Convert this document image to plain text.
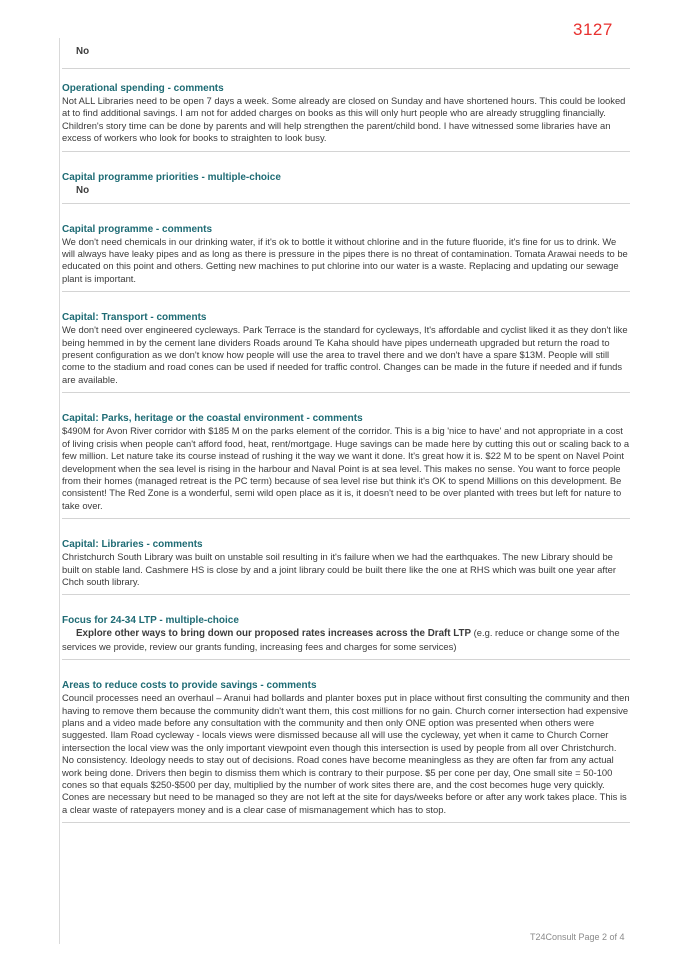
3127

No

Operational spending - comments

Not ALL Libraries need to be open 7 days a week. Some already are closed on Sunday and have shortened hours. This could be looked at to find additional savings. I am not for added charges on books as this will only hurt people who are already struggling financially. Children's story time can be done by parents and will help strengthen the parent/child bond. I have witnessed some libraries have an excess of workers who look for books to straighten to look busy.

Capital programme priorities - multiple-choice

No

Capital programme - comments

We don't need chemicals in our drinking water, if it's ok to bottle it without chlorine and in the future fluoride, it's fine for us to drink. We will always have leaky pipes and as long as there is pressure in the pipes there is no threat of contamination. Tomata Arawai needs to be educated on this point and others. Getting new machines to put chlorine into our water is a waste. Replacing and updating our sewage plant is important.

Capital: Transport - comments

We don't need over engineered cycleways. Park Terrace is the standard for cycleways, It's affordable and cyclist liked it as they don't like being hemmed in by the cement lane dividers Roads around Te Kaha should have pipes underneath upgraded but return the road to present configuration as we don't know how people will use the area to travel there and we don't have a spare $13M. People will still come to the stadium and road cones can be used if needed for traffic control. Changes can be made in the future if needed and if funds are available.

Capital: Parks, heritage or the coastal environment - comments

$490M for Avon River corridor with $185 M on the parks element of the corridor. This is a big 'nice to have' and not appropriate in a cost of living crisis when people can't afford food, heat, rent/mortgage. Huge savings can be made here by cutting this out or scaling back to a few million. Let nature take its course instead of rushing it the way we want it done. It's great how it is. $22 M to be spent on Navel Point development when the sea level is rising in the harbour and Naval Point is at sea level. This makes no sense. You want to force people from their homes (managed retreat is the PC term) because of sea level rise but think it's OK to spend Millions on this development. Be consistent! The Red Zone is a wonderful, semi wild open place as it is, it doesn't need to be over planted with trees but left for nature to take over.

Capital: Libraries - comments

Christchurch South Library was built on unstable soil resulting in it's failure when we had the earthquakes. The new Library should be built on stable land. Cashmere HS is close by and a joint library could be built there like the one at RHS which was built one year after Chch south library.

Focus for 24-34 LTP - multiple-choice

Explore other ways to bring down our proposed rates increases across the Draft LTP (e.g. reduce or change some of the services we provide, review our grants funding, increasing fees and charges for some services)

Areas to reduce costs to provide savings - comments

Council processes need an overhaul – Aranui had bollards and planter boxes put in place without first consulting the community and then having to remove them because the community didn't want them, this cost millions for no gain. Church corner intersection had expensive plans and a video made before any consultation with the community and then only ONE option was presented when others were suggested. Ilam Road cycleway - locals views were dismissed because all will use the cycleway, yet when it came to Church Corner intersection the local view was the only important viewpoint even though this intersection is used by people from all over Christchurch. No consistency. Ideology needs to stay out of decisions. Road cones have become meaningless as they are often far from any actual work being done. Drivers then begin to dismiss them which is contrary to their purpose. $5 per cone per day, One small site = 50-100 cones so that equals $250-$500 per day, multiplied by the number of work sites there are, and the cost becomes huge very quickly. Cones are necessary but need to be managed so they are not left at the site for days/weeks before or after any work takes place. This is a clear waste of ratepayers money and is a clear case of mismanagement which has to stop.

T24Consult Page 2 of 4
